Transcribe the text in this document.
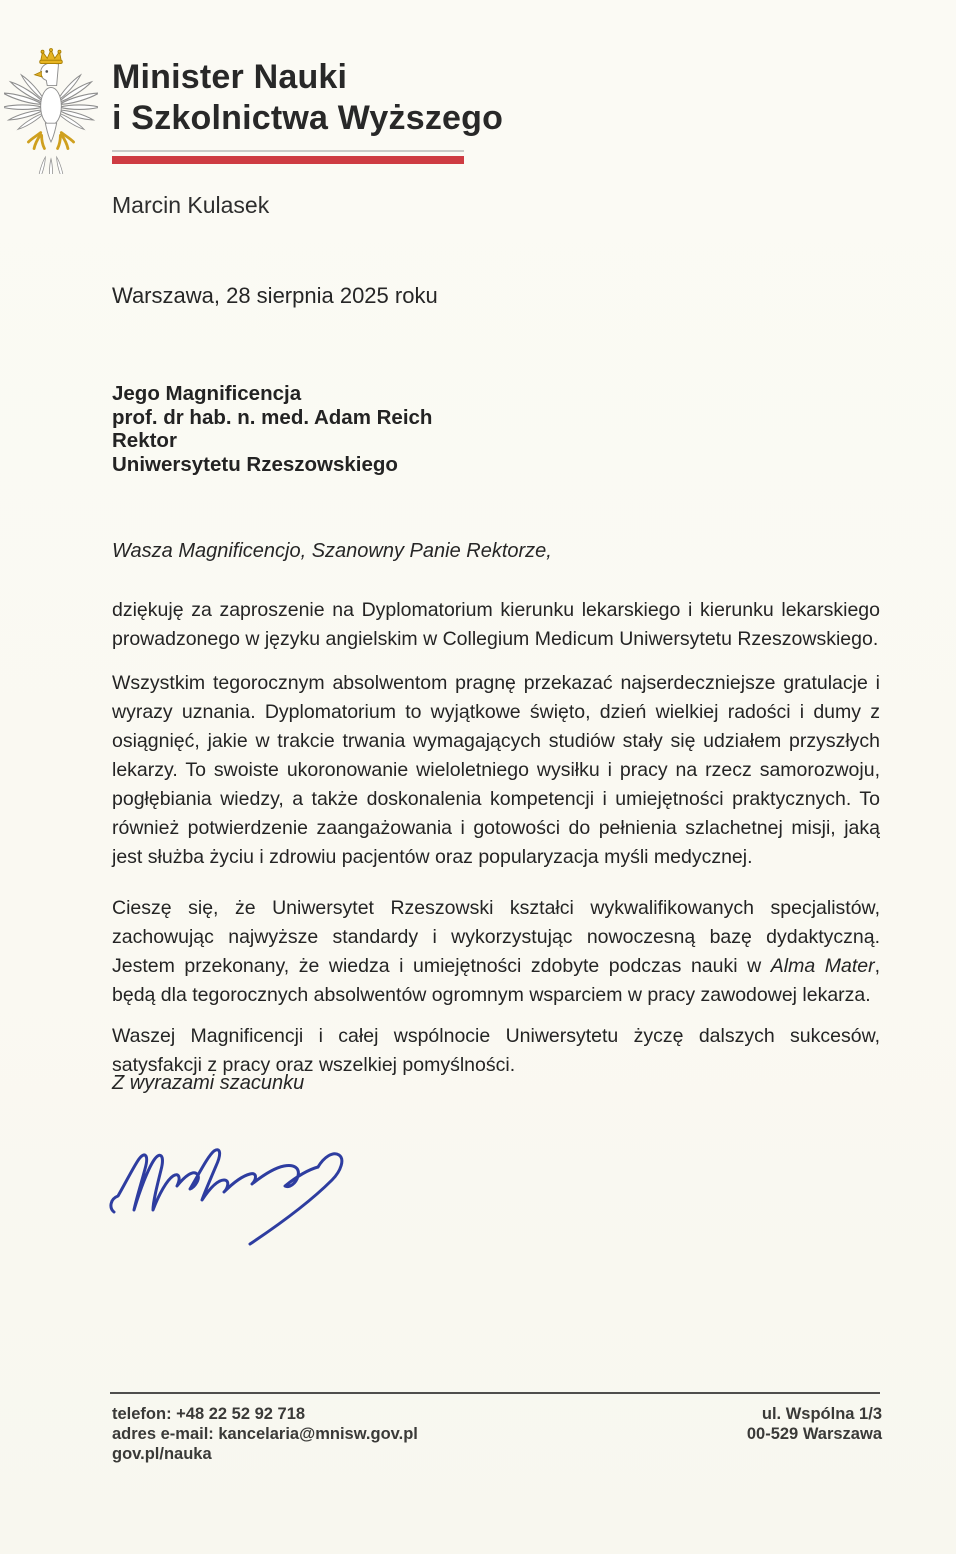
Minister Nauki
i Szkolnictwa Wyższego
Marcin Kulasek
Warszawa, 28 sierpnia 2025 roku
Jego Magnificencja
prof. dr hab. n. med. Adam Reich
Rektor
Uniwersytetu Rzeszowskiego
Wasza Magnificencjo, Szanowny Panie Rektorze,

dziękuję za zaproszenie na Dyplomatorium kierunku lekarskiego i kierunku lekarskiego prowadzonego w języku angielskim w Collegium Medicum Uniwersytetu Rzeszowskiego.

Wszystkim tegorocznym absolwentom pragnę przekazać najserdeczniejsze gratulacje i wyrazy uznania. Dyplomatorium to wyjątkowe święto, dzień wielkiej radości i dumy z osiągnięć, jakie w trakcie trwania wymagających studiów stały się udziałem przyszłych lekarzy. To swoiste ukoronowanie wieloletniego wysiłku i pracy na rzecz samorozwoju, pogłębiania wiedzy, a także doskonalenia kompetencji i umiejętności praktycznych. To również potwierdzenie zaangażowania i gotowości do pełnienia szlachetnej misji, jaką jest służba życiu i zdrowiu pacjentów oraz popularyzacja myśli medycznej.

Cieszę się, że Uniwersytet Rzeszowski kształci wykwalifikowanych specjalistów, zachowując najwyższe standardy i wykorzystując nowoczesną bazę dydaktyczną. Jestem przekonany, że wiedza i umiejętności zdobyte podczas nauki w Alma Mater, będą dla tegorocznych absolwentów ogromnym wsparciem w pracy zawodowej lekarza.

Waszej Magnificencji i całej wspólnocie Uniwersytetu życzę dalszych sukcesów, satysfakcji z pracy oraz wszelkiej pomyślności.

Z wyrazami szacunku
telefon: +48 22 52 92 718
adres e-mail: kancelaria@mnisw.gov.pl
gov.pl/nauka
ul. Wspólna 1/3
00-529 Warszawa
